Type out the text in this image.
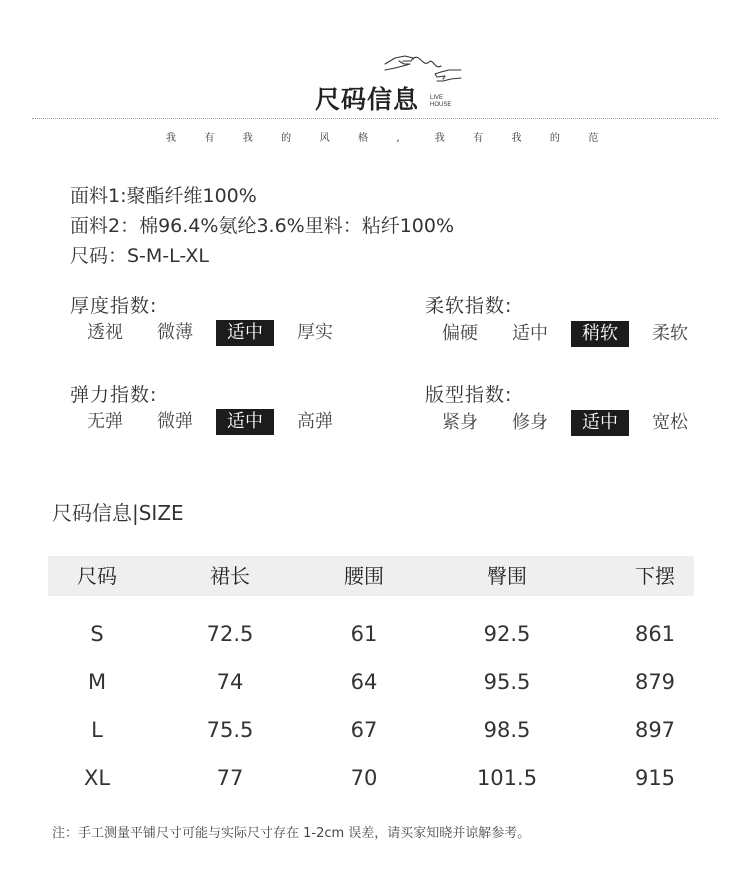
尺码信息 LIVE
HOUSE
我	有	我	的	风	格	,	我	有	我	的	范
面料1:聚酯纤维100%
面料2：棉96.4%氨纶3.6%里料：粘纤100%
尺码：S-M-L-XL
厚度指数:
透视	微薄	适中	厚实
柔软指数:
偏硬	适中	稍软	柔软
弹力指数:
无弹	微弹	适中	高弹
版型指数:
紧身	修身	适中	宽松
尺码信息|SIZE
尺码	裙长	腰围	臀围	下摆
S	72.5	61	92.5	861
M	74	64	95.5	879
L	75.5	67	98.5	897
XL	77	70	101.5	915
注：手工测量平铺尺寸可能与实际尺寸存在 1-2cm 误差，请买家知晓并谅解参考。
